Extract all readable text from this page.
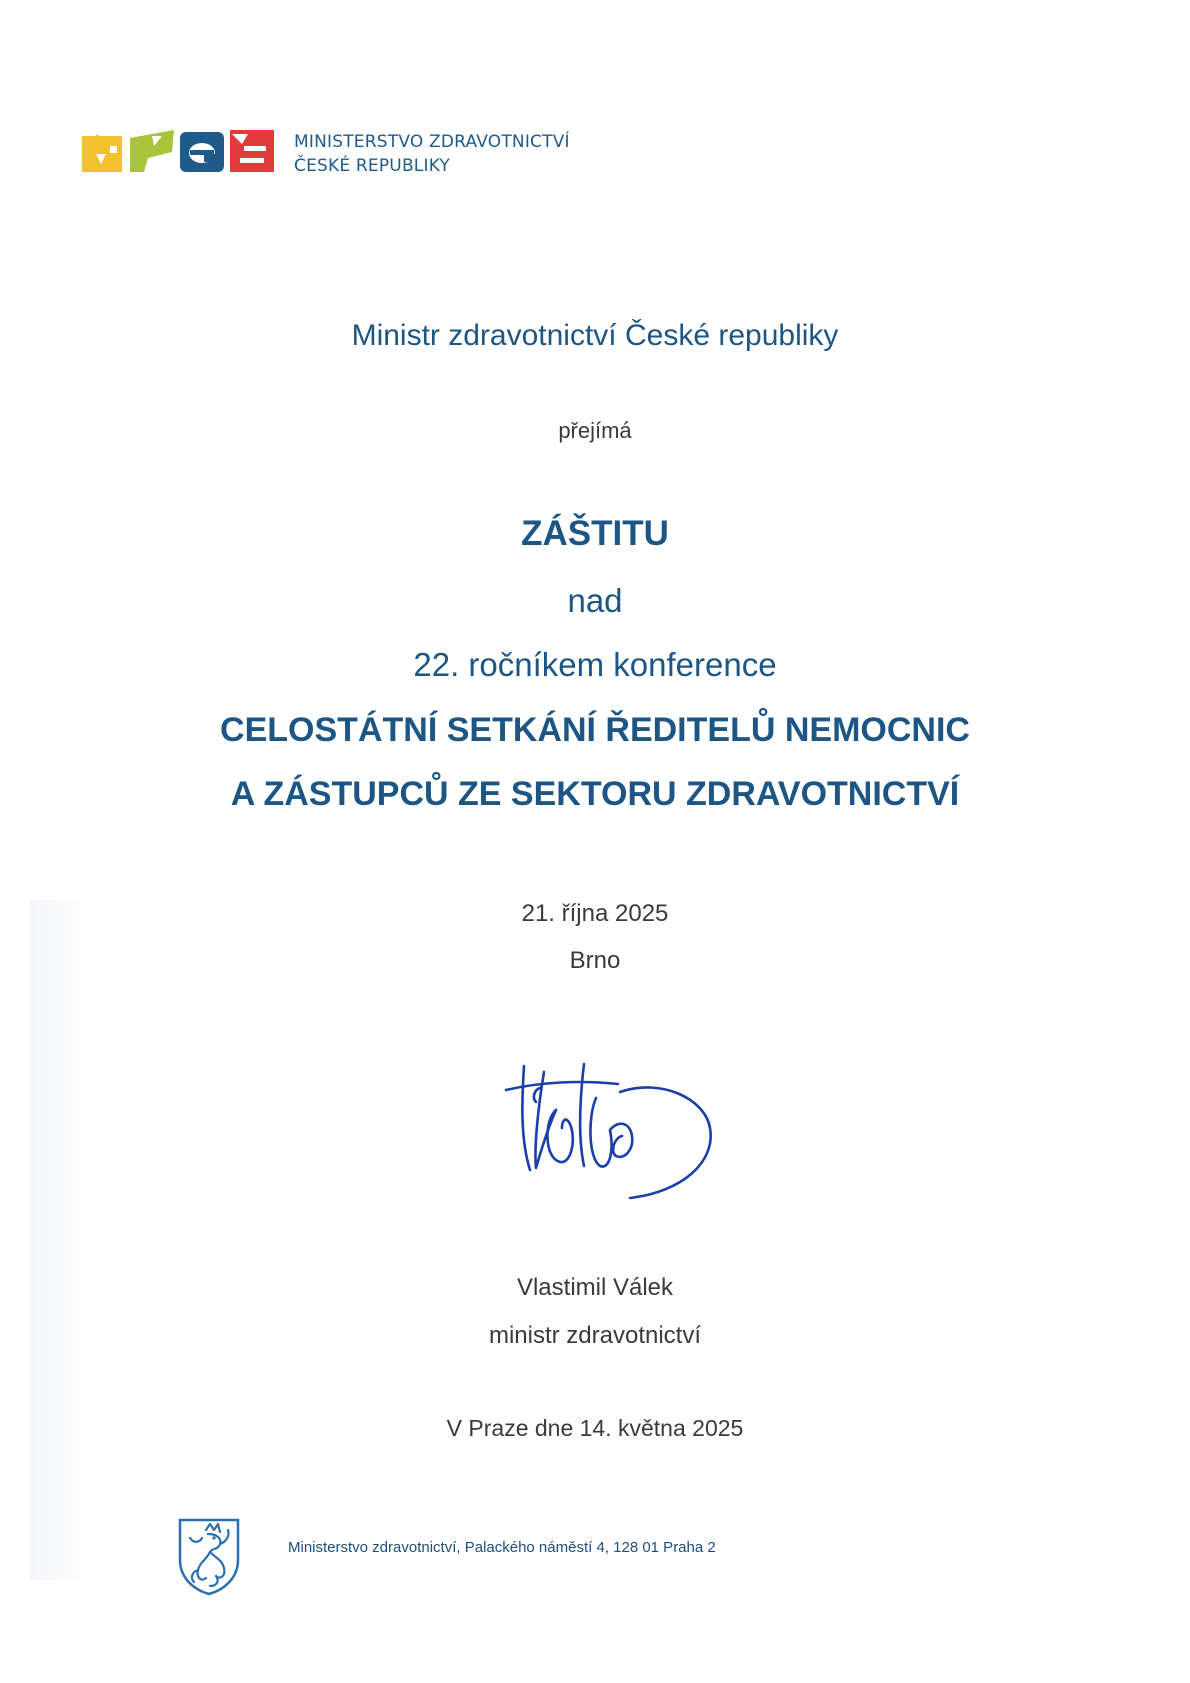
MINISTERSTVO ZDRAVOTNICTVÍ
ČESKÉ REPUBLIKY
Ministr zdravotnictví České republiky
přejímá
ZÁŠTITU
nad
22. ročníkem konference
CELOSTÁTNÍ SETKÁNÍ ŘEDITELŮ NEMOCNIC
A ZÁSTUPCŮ ZE SEKTORU ZDRAVOTNICTVÍ
21. října 2025
Brno
Vlastimil Válek
ministr zdravotnictví
V Praze dne 14. května 2025
Ministerstvo zdravotnictví, Palackého náměstí 4, 128 01 Praha 2
